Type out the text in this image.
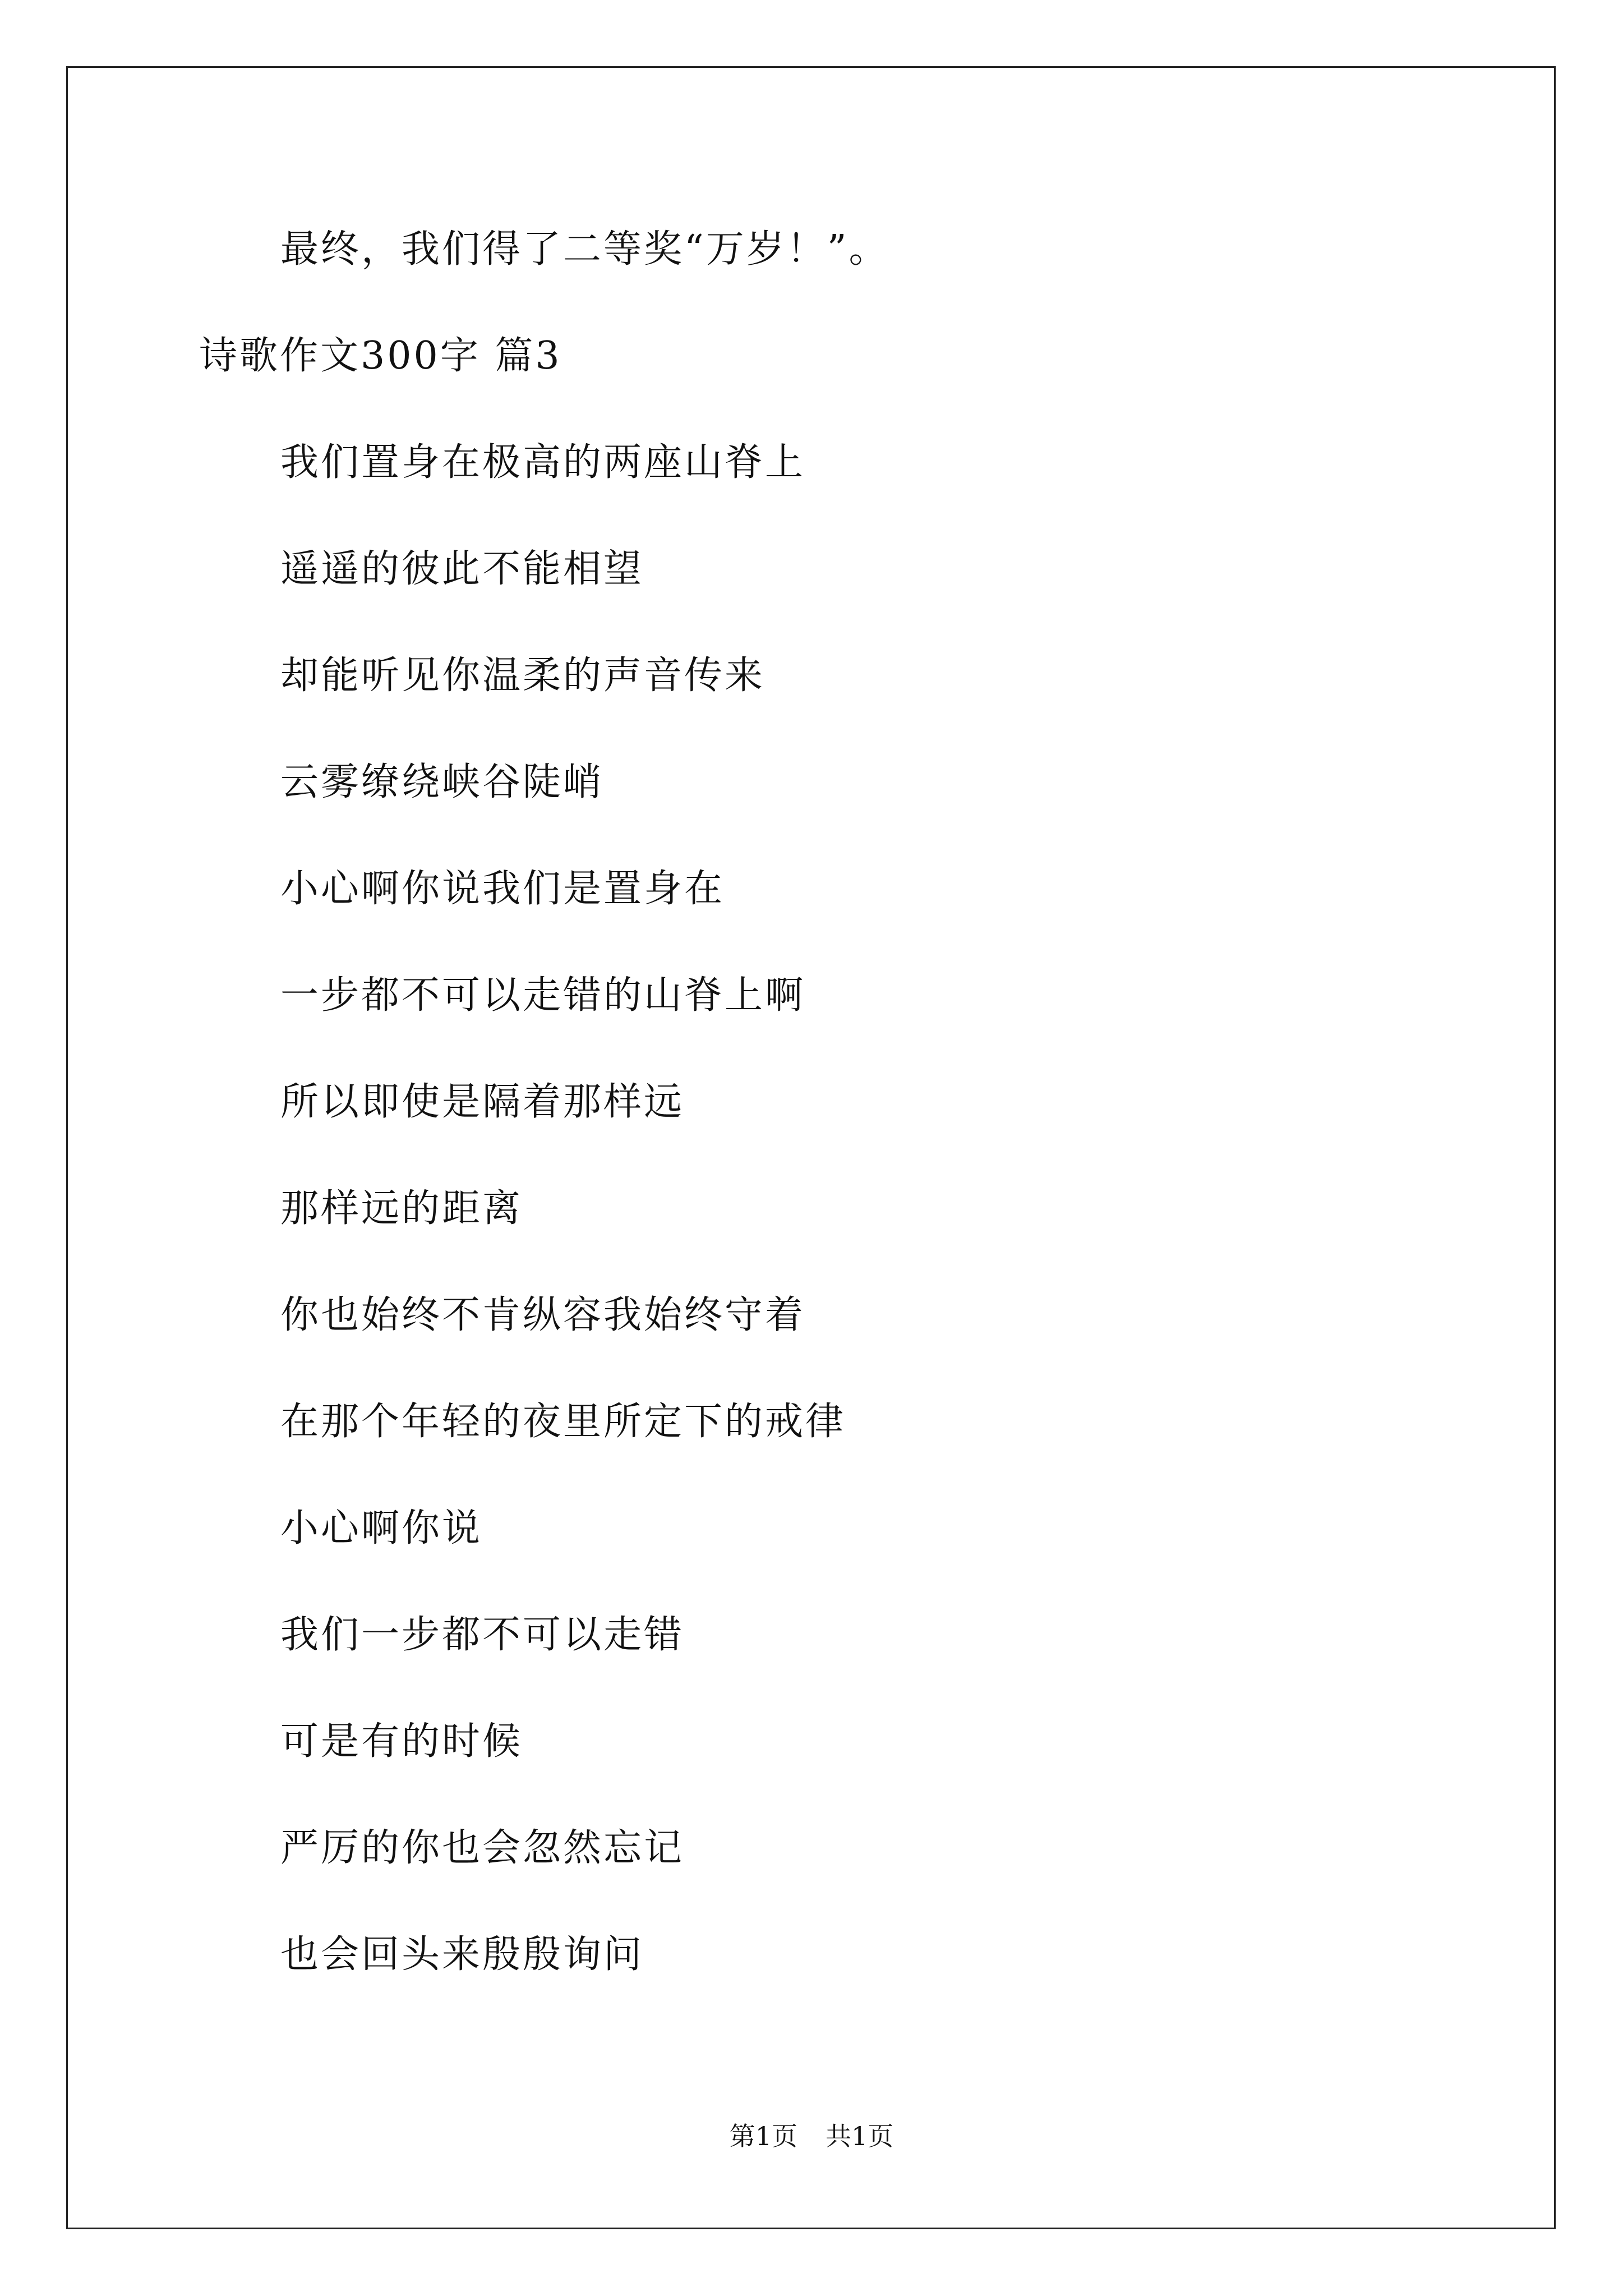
最终，我们得了二等奖“万岁！”。
诗歌作文300字 篇3
我们置身在极高的两座山脊上
遥遥的彼此不能相望
却能听见你温柔的声音传来
云雾缭绕峡谷陡峭
小心啊你说我们是置身在
一步都不可以走错的山脊上啊
所以即使是隔着那样远
那样远的距离
你也始终不肯纵容我始终守着
在那个年轻的夜里所定下的戒律
小心啊你说
我们一步都不可以走错
可是有的时候
严厉的你也会忽然忘记
也会回头来殷殷询问
第1页 共1页
